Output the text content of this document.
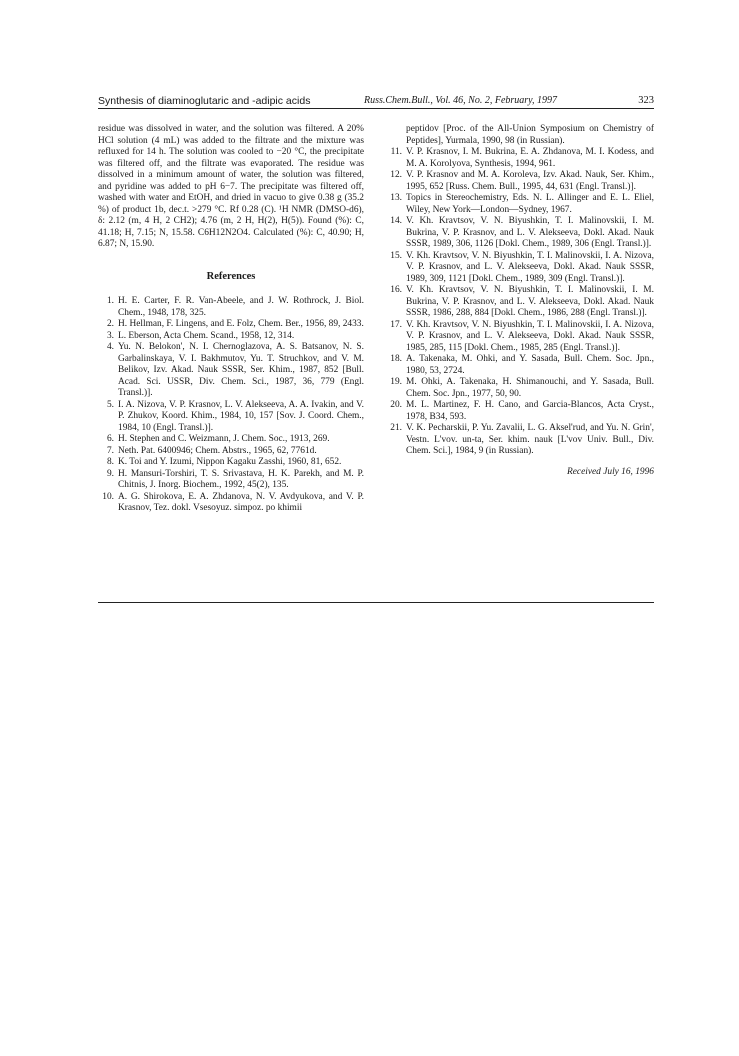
Synthesis of diaminoglutaric and -adipic acids	Russ.Chem.Bull., Vol. 46, No. 2, February, 1997	323

residue was dissolved in water, and the solution was filtered. A 20% HCl solution (4 mL) was added to the filtrate and the mixture was refluxed for 14 h. The solution was cooled to −20 °C, the precipitate was filtered off, and the filtrate was evaporated. The residue was dissolved in a minimum amount of water, the solution was filtered, and pyridine was added to pH 6−7. The precipitate was filtered off, washed with water and EtOH, and dried in vacuo to give 0.38 g (35.2 %) of product 1b, dec.t. >279 °C. Rf 0.28 (C). ¹H NMR (DMSO-d6), δ: 2.12 (m, 4 H, 2 CH2); 4.76 (m, 2 H, H(2), H(5)). Found (%): C, 41.18; H, 7.15; N, 15.58. C6H12N2O4. Calculated (%): C, 40.90; H, 6.87; N, 15.90.

References
1. H. E. Carter, F. R. Van-Abeele, and J. W. Rothrock, J. Biol. Chem., 1948, 178, 325.
2. H. Hellman, F. Lingens, and E. Folz, Chem. Ber., 1956, 89, 2433.
3. L. Eberson, Acta Chem. Scand., 1958, 12, 314.
4. Yu. N. Belokon', N. I. Chernoglazova, A. S. Batsanov, N. S. Garbalinskaya, V. I. Bakhmutov, Yu. T. Struchkov, and V. M. Belikov, Izv. Akad. Nauk SSSR, Ser. Khim., 1987, 852 [Bull. Acad. Sci. USSR, Div. Chem. Sci., 1987, 36, 779 (Engl. Transl.)].
5. I. A. Nizova, V. P. Krasnov, L. V. Alekseeva, A. A. Ivakin, and V. P. Zhukov, Koord. Khim., 1984, 10, 157 [Sov. J. Coord. Chem., 1984, 10 (Engl. Transl.)].
6. H. Stephen and C. Weizmann, J. Chem. Soc., 1913, 269.
7. Neth. Pat. 6400946; Chem. Abstrs., 1965, 62, 7761d.
8. K. Toi and Y. Izumi, Nippon Kagaku Zasshi, 1960, 81, 652.
9. H. Mansuri-Torshiri, T. S. Srivastava, H. K. Parekh, and M. P. Chitnis, J. Inorg. Biochem., 1992, 45(2), 135.
10. A. G. Shirokova, E. A. Zhdanova, N. V. Avdyukova, and V. P. Krasnov, Tez. dokl. Vsesoyuz. simpoz. po khimii

peptidov [Proc. of the All-Union Symposium on Chemistry of Peptides], Yurmala, 1990, 98 (in Russian).

11. V. P. Krasnov, I. M. Bukrina, E. A. Zhdanova, M. I. Kodess, and M. A. Korolyova, Synthesis, 1994, 961.
12. V. P. Krasnov and M. A. Koroleva, Izv. Akad. Nauk, Ser. Khim., 1995, 652 [Russ. Chem. Bull., 1995, 44, 631 (Engl. Transl.)].
13. Topics in Stereochemistry, Eds. N. L. Allinger and E. L. Eliel, Wiley, New York—London—Sydney, 1967.
14. V. Kh. Kravtsov, V. N. Biyushkin, T. I. Malinovskii, I. M. Bukrina, V. P. Krasnov, and L. V. Alekseeva, Dokl. Akad. Nauk SSSR, 1989, 306, 1126 [Dokl. Chem., 1989, 306 (Engl. Transl.)].
15. V. Kh. Kravtsov, V. N. Biyushkin, T. I. Malinovskii, I. A. Nizova, V. P. Krasnov, and L. V. Alekseeva, Dokl. Akad. Nauk SSSR, 1989, 309, 1121 [Dokl. Chem., 1989, 309 (Engl. Transl.)].
16. V. Kh. Kravtsov, V. N. Biyushkin, T. I. Malinovskii, I. M. Bukrina, V. P. Krasnov, and L. V. Alekseeva, Dokl. Akad. Nauk SSSR, 1986, 288, 884 [Dokl. Chem., 1986, 288 (Engl. Transl.)].
17. V. Kh. Kravtsov, V. N. Biyushkin, T. I. Malinovskii, I. A. Nizova, V. P. Krasnov, and L. V. Alekseeva, Dokl. Akad. Nauk SSSR, 1985, 285, 115 [Dokl. Chem., 1985, 285 (Engl. Transl.)].
18. A. Takenaka, M. Ohki, and Y. Sasada, Bull. Chem. Soc. Jpn., 1980, 53, 2724.
19. M. Ohki, A. Takenaka, H. Shimanouchi, and Y. Sasada, Bull. Chem. Soc. Jpn., 1977, 50, 90.
20. M. L. Martinez, F. H. Cano, and Garcia-Blancos, Acta Cryst., 1978, B34, 593.
21. V. K. Pecharskii, P. Yu. Zavalii, L. G. Aksel'rud, and Yu. N. Grin', Vestn. L'vov. un-ta, Ser. khim. nauk [L'vov Univ. Bull., Div. Chem. Sci.], 1984, 9 (in Russian).
Received July 16, 1996
